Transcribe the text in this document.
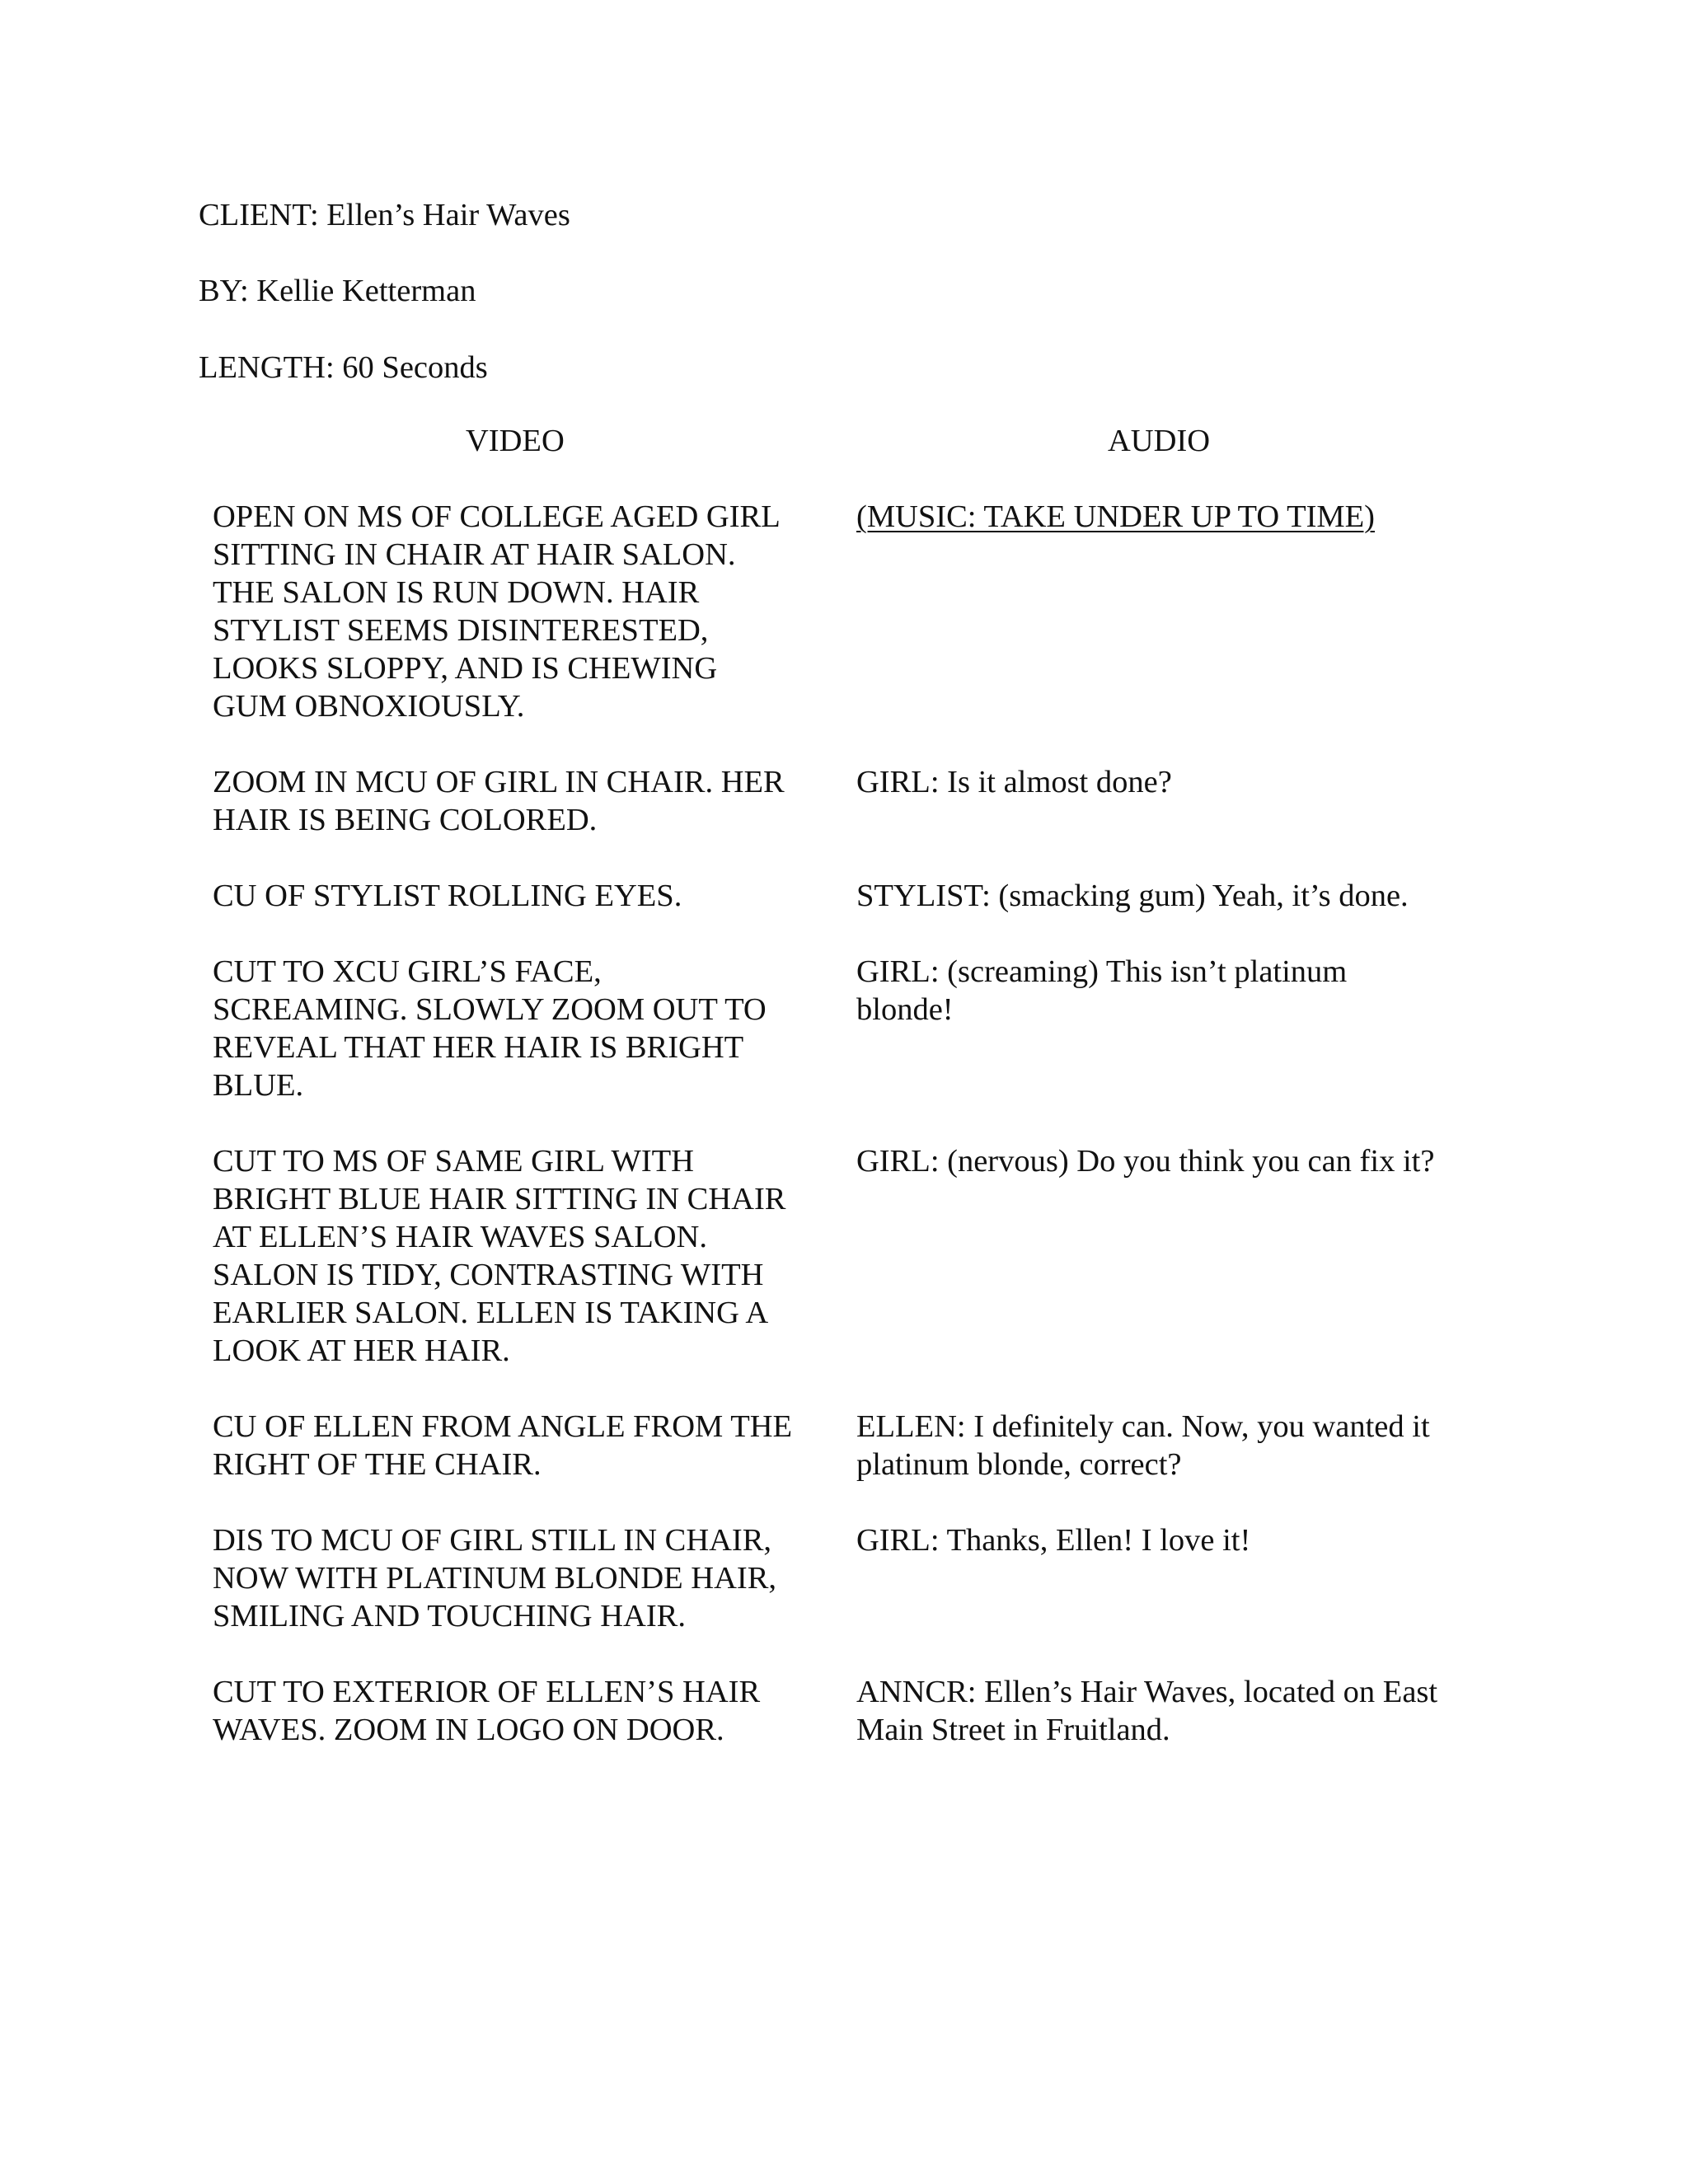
CLIENT: Ellen’s Hair Waves
BY: Kellie Ketterman
LENGTH: 60 Seconds
VIDEO	AUDIO
OPEN ON MS OF COLLEGE AGED GIRL
SITTING IN CHAIR AT HAIR SALON.
THE SALON IS RUN DOWN. HAIR
STYLIST SEEMS DISINTERESTED,
LOOKS SLOPPY, AND IS CHEWING
GUM OBNOXIOUSLY.
(MUSIC: TAKE UNDER UP TO TIME)
ZOOM IN MCU OF GIRL IN CHAIR. HER
HAIR IS BEING COLORED.
GIRL: Is it almost done?
CU OF STYLIST ROLLING EYES.	STYLIST: (smacking gum) Yeah, it’s done.
CUT TO XCU GIRL’S FACE,
SCREAMING. SLOWLY ZOOM OUT TO
REVEAL THAT HER HAIR IS BRIGHT
BLUE.
GIRL: (screaming) This isn’t platinum
blonde!
CUT TO MS OF SAME GIRL WITH
BRIGHT BLUE HAIR SITTING IN CHAIR
AT ELLEN’S HAIR WAVES SALON.
SALON IS TIDY, CONTRASTING WITH
EARLIER SALON. ELLEN IS TAKING A
LOOK AT HER HAIR.
GIRL: (nervous) Do you think you can fix it?
CU OF ELLEN FROM ANGLE FROM THE
RIGHT OF THE CHAIR.
ELLEN: I definitely can. Now, you wanted it
platinum blonde, correct?
DIS TO MCU OF GIRL STILL IN CHAIR,
NOW WITH PLATINUM BLONDE HAIR,
SMILING AND TOUCHING HAIR.
GIRL: Thanks, Ellen! I love it!
CUT TO EXTERIOR OF ELLEN’S HAIR
WAVES. ZOOM IN LOGO ON DOOR.
ANNCR: Ellen’s Hair Waves, located on East
Main Street in Fruitland.
